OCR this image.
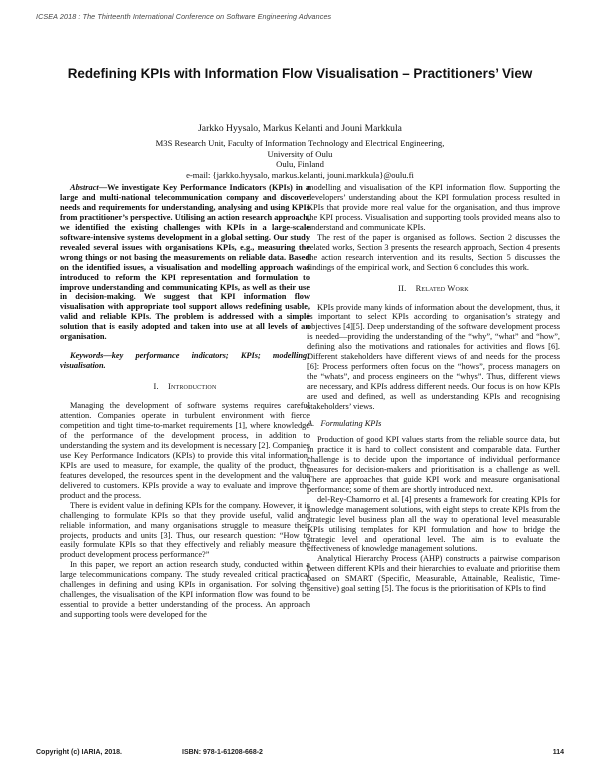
ICSEA 2018 : The Thirteenth International Conference on Software Engineering Advances
Redefining KPIs with Information Flow Visualisation – Practitioners’ View
Jarkko Hyysalo, Markus Kelanti and Jouni Markkula
M3S Research Unit, Faculty of Information Technology and Electrical Engineering,
University of Oulu
Oulu, Finland
e-mail: {jarkko.hyysalo, markus.kelanti, jouni.markkula}@oulu.fi

Abstract—We investigate Key Performance Indicators (KPIs) in a large and multi-national telecommunication company and discover needs and requirements for understanding, analysing and using KPIs from practitioner’s perspective. Utilising an action research approach, we identified the existing challenges with KPIs in a large-scale software-intensive systems development in a global setting. Our study revealed several issues with organisations KPIs, e.g., measuring the wrong things or not basing the measurements on reliable data. Based on the identified issues, a visualisation and modelling approach was introduced to reform the KPI representation and formulation to improve understanding and communicating KPIs, as well as their use in decision-making. We suggest that KPI information flow visualisation with appropriate tool support allows redefining usable, valid and reliable KPIs. The problem is addressed with a simple solution that is easily adopted and taken into use at all levels of an organisation.

Keywords—key performance indicators; KPIs; modelling; visualisation.

I. Introduction

Managing the development of software systems requires careful attention. Companies operate in turbulent environment with fierce competition and tight time-to-market requirements [1], where knowledge of the performance of the development process, in addition to understanding the system and its development is necessary [2]. Companies use Key Performance Indicators (KPIs) to provide this vital information. KPIs are used to measure, for example, the quality of the product, the features developed, the resources spent in the development and the value delivered to customers. KPIs provide a way to evaluate and improve the product and the process.

There is evident value in defining KPIs for the company. However, it is challenging to formulate KPIs so that they provide useful, valid and reliable information, and many organisations struggle to measure their projects, products and units [3]. Thus, our research question: “How to easily formulate KPIs so that they effectively and reliably measure the product development process performance?”

In this paper, we report an action research study, conducted within a large telecommunications company. The study revealed critical practical challenges in defining and using KPIs in organisation. For solving the challenges, the visualisation of the KPI information flow was found to be essential to provide a better understanding of the process. An approach and supporting tools were developed for the

modelling and visualisation of the KPI information flow. Supporting the developers’ understanding about the KPI formulation process resulted in KPIs that provide more real value for the organisation, and thus improve the KPI process. Visualisation and supporting tools provided means also to understand and communicate KPIs.

The rest of the paper is organised as follows. Section 2 discusses the related works, Section 3 presents the research approach, Section 4 presents the action research intervention and its results, Section 5 discusses the findings of the empirical work, and Section 6 concludes this work.

II. Related Work

KPIs provide many kinds of information about the development, thus, it is important to select KPIs according to organisation’s strategy and objectives [4][5]. Deep understanding of the software development process is needed—providing the understanding of the “why”, “what” and “how”, defining also the motivations and rationales for activities and flows [6]. Different stakeholders have different views of and needs for the process [6]: Process performers often focus on the “hows”, process managers on the “whats”, and process engineers on the “whys”. Thus, different views are necessary, and KPIs address different needs. Our focus is on how KPIs are used and defined, as well as understanding KPIs and recognising stakeholders’ views.

A.   Formulating KPIs

Production of good KPI values starts from the reliable source data, but in practice it is hard to collect consistent and comparable data. Further challenge is to decide upon the importance of individual performance measures for decision-makers and prioritisation is a challenge as well. There are approaches that guide KPI work and measure organisational performance; some of them are shortly introduced next.

del-Rey-Chamorro et al. [4] presents a framework for creating KPIs for knowledge management solutions, with eight steps to create KPIs from the strategic level business plan all the way to operational level measurable KPIs utilising templates for KPI formulation and how to bridge the strategic level and operational level. The aim is to evaluate the effectiveness of knowledge management solutions.

Analytical Hierarchy Process (AHP) constructs a pairwise comparison between different KPIs and their hierarchies to evaluate and prioritise them based on SMART (Specific, Measurable, Attainable, Realistic, Time-sensitive) goal setting [5]. The focus is the prioritisation of KPIs to find

Copyright (c) IARIA, 2018.	ISBN: 978-1-61208-668-2	114
